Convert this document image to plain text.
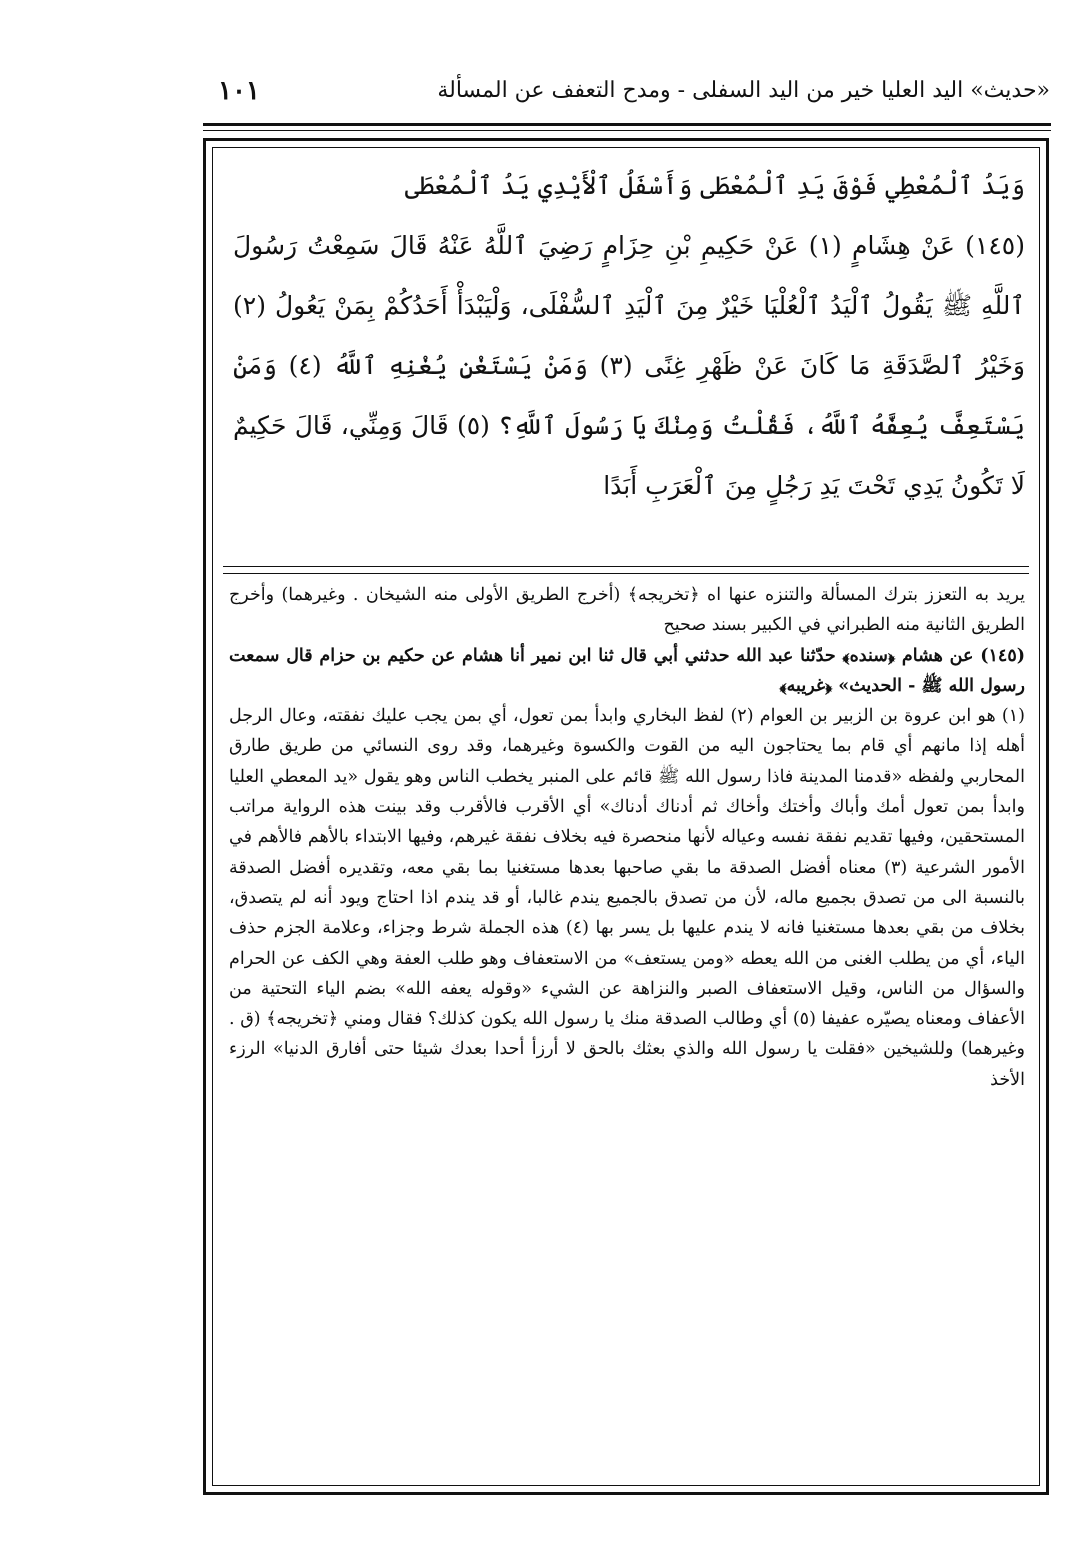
«حديث» اليد العليا خير من اليد السفلى - ومدح التعفف عن المسألة
١٠١

وَيَدُ ٱلْمُعْطِي فَوْقَ يَدِ ٱلْمُعْطَى وَأَسْفَلُ ٱلْأَيْدِي يَدُ ٱلْمُعْطَى

(١٤٥) عَنْ هِشَامٍ (١) عَنْ حَكِيمِ بْنِ حِزَامٍ رَضِيَ ٱللَّهُ عَنْهُ قَالَ سَمِعْتُ رَسُولَ ٱللَّهِ ﷺ يَقُولُ ٱلْيَدُ ٱلْعُلْيَا خَيْرٌ مِنَ ٱلْيَدِ ٱلسُّفْلَى، وَلْيَبْدَأْ أَحَدُكُمْ بِمَنْ يَعُولُ (٢) وَخَيْرُ ٱلصَّدَقَةِ مَا كَانَ عَنْ ظَهْرِ غِنًى (٣) وَمَنْ يَسْتَغْنِ يُغْنِهِ ٱللَّهُ (٤) وَمَنْ يَسْتَعِفَّ يُعِفَّهُ ٱللَّهُ، فَقُلْتُ وَمِنْكَ يَا رَسُولَ ٱللَّهِ؟ (٥) قَالَ وَمِنِّي، قَالَ حَكِيمٌ لَا تَكُونُ يَدِي تَحْتَ يَدِ رَجُلٍ مِنَ ٱلْعَرَبِ أَبَدًا

يريد به التعزز بترك المسألة والتنزه عنها اه ﴿تخريجه﴾ (أخرج الطريق الأولى منه الشيخان . وغيرهما) وأخرج الطريق الثانية منه الطبراني في الكبير بسند صحيح

(١٤٥) عن هشام ﴿سنده﴾ حدّثنا عبد الله حدثني أبي قال ثنا ابن نمير أنا هشام عن حكيم بن حزام قال سمعت رسول الله ﷺ - الحديث» ﴿غريبه﴾

(١) هو ابن عروة بن الزبير بن العوام (٢) لفظ البخاري وابدأ بمن تعول، أي بمن يجب عليك نفقته، وعال الرجل أهله إذا مانهم أي قام بما يحتاجون اليه من القوت والكسوة وغيرهما، وقد روى النسائي من طريق طارق المحاربي ولفظه «قدمنا المدينة فاذا رسول الله ﷺ قائم على المنبر يخطب الناس وهو يقول «يد المعطي العليا وابدأ بمن تعول أمك وأباك وأختك وأخاك ثم أدناك أدناك» أي الأقرب فالأقرب وقد بينت هذه الرواية مراتب المستحقين، وفيها تقديم نفقة نفسه وعياله لأنها منحصرة فيه بخلاف نفقة غيرهم، وفيها الابتداء بالأهم فالأهم في الأمور الشرعية (٣) معناه أفضل الصدقة ما بقي صاحبها بعدها مستغنيا بما بقي معه، وتقديره أفضل الصدقة بالنسبة الى من تصدق بجميع ماله، لأن من تصدق بالجميع يندم غالبا، أو قد يندم اذا احتاج ويود أنه لم يتصدق، بخلاف من بقي بعدها مستغنيا فانه لا يندم عليها بل يسر بها (٤) هذه الجملة شرط وجزاء، وعلامة الجزم حذف الياء، أي من يطلب الغنى من الله يعطه «ومن يستعف» من الاستعفاف وهو طلب العفة وهي الكف عن الحرام والسؤال من الناس، وقيل الاستعفاف الصبر والنزاهة عن الشيء «وقوله يعفه الله» بضم الياء التحتية من الأعفاف ومعناه يصيّره عفيفا (٥) أي وطالب الصدقة منك يا رسول الله يكون كذلك؟ فقال ومني ﴿تخريجه﴾ (ق . وغيرهما) وللشيخين «فقلت يا رسول الله والذي بعثك بالحق لا أرزأ أحدا بعدك شيئا حتى أفارق الدنيا» الرزء الأخذ
